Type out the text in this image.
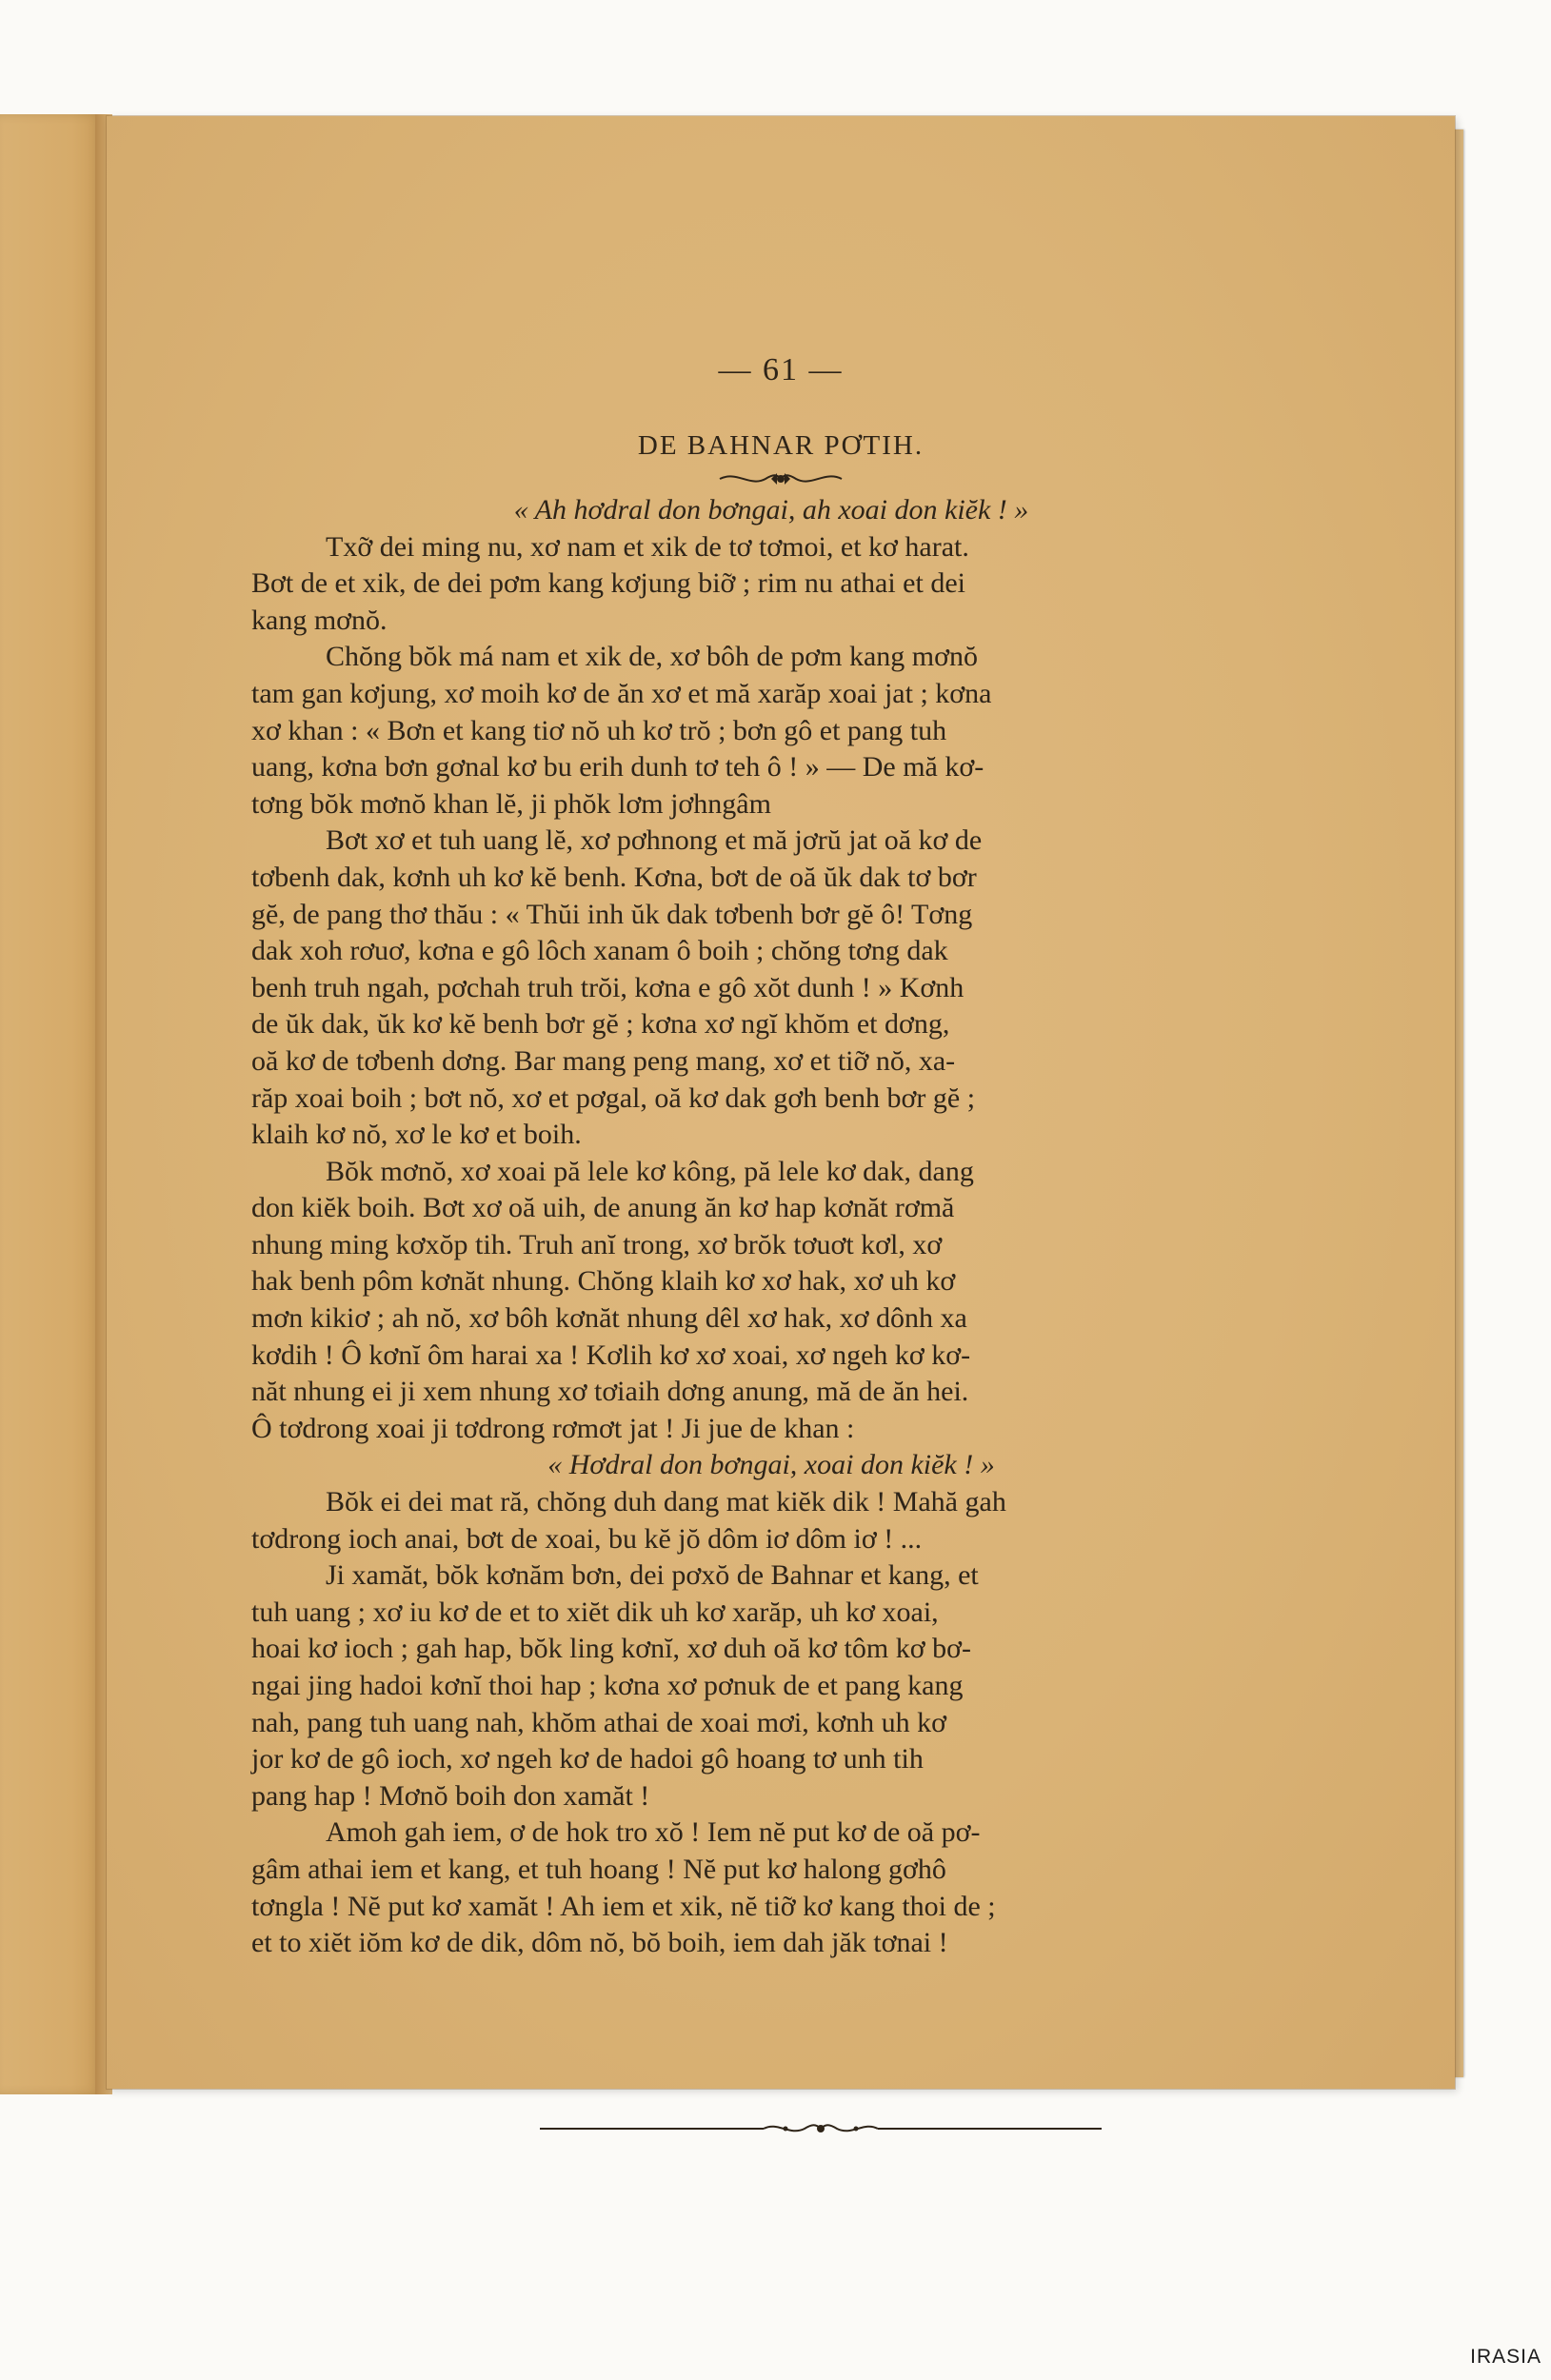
— 61 —
DE BAHNAR PƠTIH.
« Ah hơdral don bơngai, ah xoai don kiĕk ! »

Txỡ dei ming nu, xơ nam et xik de tơ tơmoi, et kơ harat.
Bơt de et xik, de dei pơm kang kơjung biỡ ; rim nu athai et dei
kang mơnŏ.

Chŏng bŏk má nam et xik de, xơ bôh de pơm kang mơnŏ
tam gan kơjung, xơ moih kơ de ăn xơ et mă xarăp xoai jat ; kơna
xơ khan : « Bơn et kang tiơ nŏ uh kơ trŏ ; bơn gô et pang tuh
uang, kơna bơn gơnal kơ bu erih dunh tơ teh ô ! » — De mă kơ-
tơng bŏk mơnŏ khan lĕ, ji phŏk lơm jơhngâm

Bơt xơ et tuh uang lĕ, xơ pơhnong et mă jơrŭ jat oă kơ de
tơbenh dak, kơnh uh kơ kĕ benh. Kơna, bơt de oă ŭk dak tơ bơr
gĕ, de pang thơ thău : « Thŭi inh ŭk dak tơbenh bơr gĕ ô! Tơng
dak xoh rơuơ, kơna e gô lôch xanam ô boih ; chŏng tơng dak
benh truh ngah, pơchah truh trŏi, kơna e gô xŏt dunh ! » Kơnh
de ŭk dak, ŭk kơ kĕ benh bơr gĕ ; kơna xơ ngĭ khŏm et dơng,
oă kơ de tơbenh dơng. Bar mang peng mang, xơ et tiỡ nŏ, xa-
răp xoai boih ; bơt nŏ, xơ et pơgal, oă kơ dak gơh benh bơr gĕ ;
klaih kơ nŏ, xơ le kơ et boih.

Bŏk mơnŏ, xơ xoai pă lele kơ kông, pă lele kơ dak, dang
don kiĕk boih. Bơt xơ oă uih, de anung ăn kơ hap kơnăt rơmă
nhung ming kơxŏp tih. Truh anĭ trong, xơ brŏk tơuơt kơl, xơ
hak benh pôm kơnăt nhung. Chŏng klaih kơ xơ hak, xơ uh kơ
mơn kikiơ ; ah nŏ, xơ bôh kơnăt nhung dêl xơ hak, xơ dônh xa
kơdih ! Ô kơnĭ ôm harai xa ! Kơlih kơ xơ xoai, xơ ngeh kơ kơ-
năt nhung ei ji xem nhung xơ tơiaih dơng anung, mă de ăn hei.
Ô tơdrong xoai ji tơdrong rơmơt jat ! Ji jue de khan :

« Hơdral don bơngai, xoai don kiĕk ! »

Bŏk ei dei mat ră, chŏng duh dang mat kiĕk dik ! Mahă gah
tơdrong ioch anai, bơt de xoai, bu kĕ jŏ dôm iơ dôm iơ ! ...

Ji xamăt, bŏk kơnăm bơn, dei pơxŏ de Bahnar et kang, et
tuh uang ; xơ iu kơ de et to xiĕt dik uh kơ xarăp, uh kơ xoai,
hoai kơ ioch ; gah hap, bŏk ling kơnĭ, xơ duh oă kơ tôm kơ bơ-
ngai jing hadoi kơnĭ thoi hap ; kơna xơ pơnuk de et pang kang
nah, pang tuh uang nah, khŏm athai de xoai mơi, kơnh uh kơ
jor kơ de gô ioch, xơ ngeh kơ de hadoi gô hoang tơ unh tih
pang hap ! Mơnŏ boih don xamăt !

Amoh gah iem, ơ de hok tro xŏ ! Iem nĕ put kơ de oă pơ-
gâm athai iem et kang, et tuh hoang ! Nĕ put kơ halong gơhô
tơngla ! Nĕ put kơ xamăt ! Ah iem et xik, nĕ tiỡ kơ kang thoi de ;
et to xiĕt iŏm kơ de dik, dôm nŏ, bŏ boih, iem dah jăk tơnai !

IRASIA
